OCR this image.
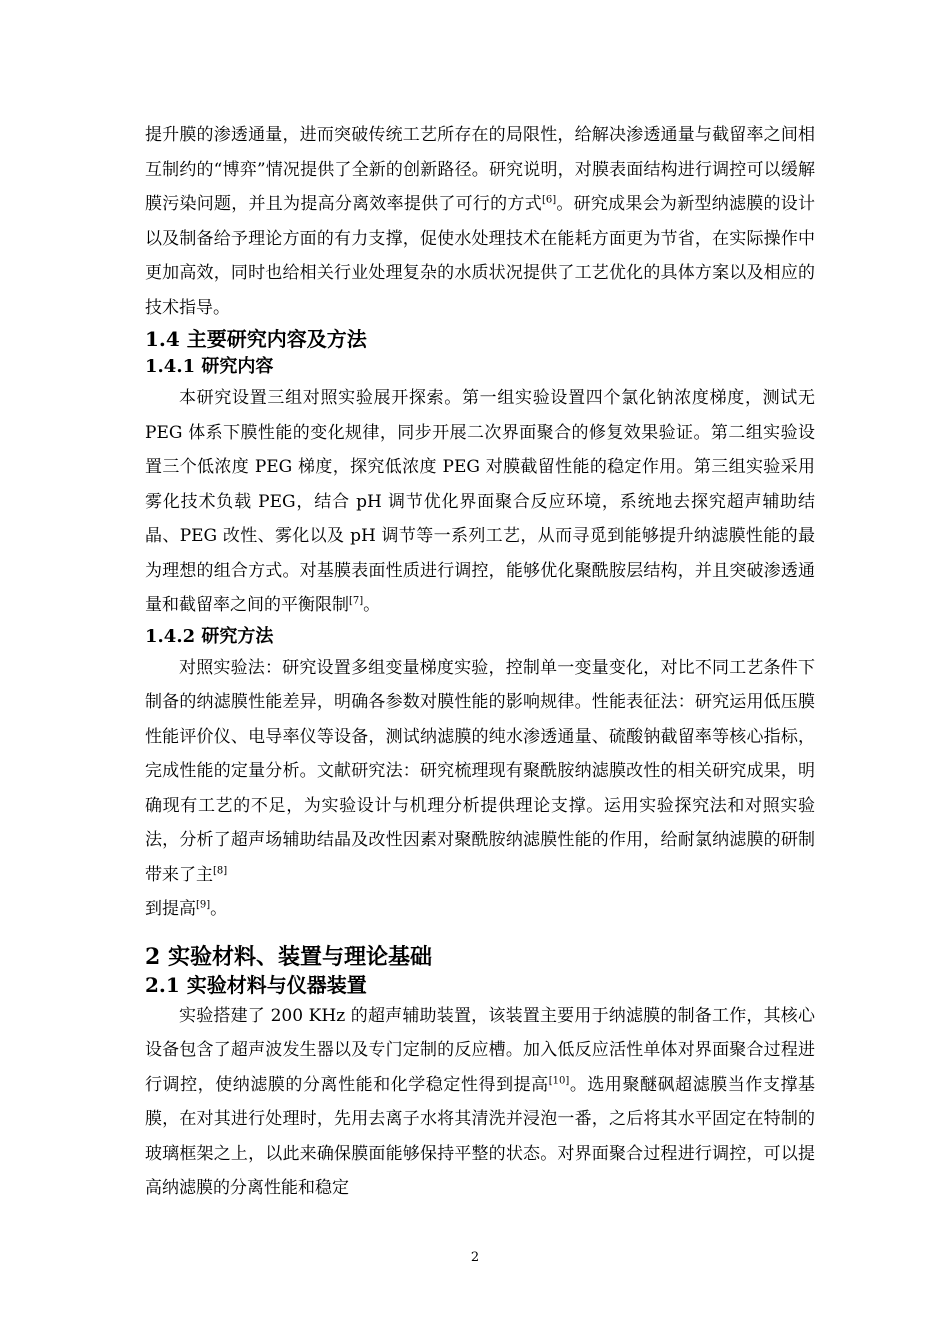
提升膜的渗透通量，进而突破传统工艺所存在的局限性，给解决渗透通量与截留率之间相互制约的“博弈”情况提供了全新的创新路径。研究说明，对膜表面结构进行调控可以缓解膜污染问题，并且为提高分离效率提供了可行的方式[6]。研究成果会为新型纳滤膜的设计以及制备给予理论方面的有力支撑，促使水处理技术在能耗方面更为节省，在实际操作中更加高效，同时也给相关行业处理复杂的水质状况提供了工艺优化的具体方案以及相应的技术指导。

1.4 主要研究内容及方法
1.4.1 研究内容

本研究设置三组对照实验展开探索。第一组实验设置四个氯化钠浓度梯度，测试无 PEG 体系下膜性能的变化规律，同步开展二次界面聚合的修复效果验证。第二组实验设置三个低浓度 PEG 梯度，探究低浓度 PEG 对膜截留性能的稳定作用。第三组实验采用雾化技术负载 PEG，结合 pH 调节优化界面聚合反应环境，系统地去探究超声辅助结晶、PEG 改性、雾化以及 pH 调节等一系列工艺，从而寻觅到能够提升纳滤膜性能的最为理想的组合方式。对基膜表面性质进行调控，能够优化聚酰胺层结构，并且突破渗透通量和截留率之间的平衡限制[7]。

1.4.2 研究方法

对照实验法：研究设置多组变量梯度实验，控制单一变量变化，对比不同工艺条件下制备的纳滤膜性能差异，明确各参数对膜性能的影响规律。性能表征法：研究运用低压膜性能评价仪、电导率仪等设备，测试纳滤膜的纯水渗透通量、硫酸钠截留率等核心指标，完成性能的定量分析。文献研究法：研究梳理现有聚酰胺纳滤膜改性的相关研究成果，明确现有工艺的不足，为实验设计与机理分析提供理论支撑。运用实验探究法和对照实验法，分析了超声场辅助结晶及改性因素对聚酰胺纳滤膜性能的作用，给耐氯纳滤膜的研制带来了主[8]
到提高[9]。

2 实验材料、装置与理论基础
2.1 实验材料与仪器装置

实验搭建了 200 KHz 的超声辅助装置，该装置主要用于纳滤膜的制备工作，其核心设备包含了超声波发生器以及专门定制的反应槽。加入低反应活性单体对界面聚合过程进行调控，使纳滤膜的分离性能和化学稳定性得到提高[10]。选用聚醚砜超滤膜当作支撑基膜，在对其进行处理时，先用去离子水将其清洗并浸泡一番，之后将其水平固定在特制的玻璃框架之上，以此来确保膜面能够保持平整的状态。对界面聚合过程进行调控，可以提高纳滤膜的分离性能和稳定

2
